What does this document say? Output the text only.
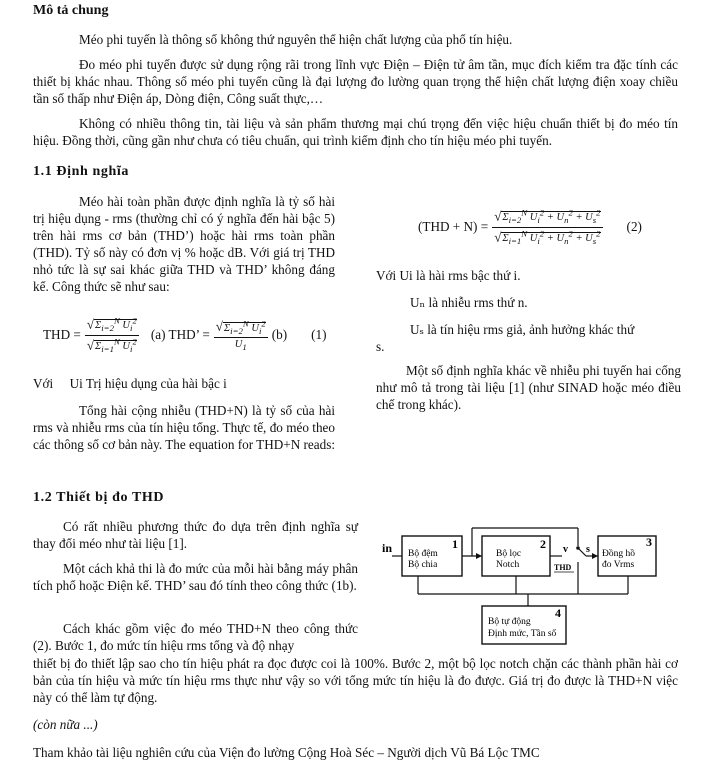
Mô tả chung
Méo phi tuyến là thông số không thứ nguyên thể hiện chất lượng của phổ tín hiệu.
Đo méo phi tuyến được sử dụng rộng rãi trong lĩnh vực Điện – Điện tử âm tần, mục đích kiểm tra đặc tính các thiết bị khác nhau. Thông số méo phi tuyến cũng là đại lượng đo lường quan trọng thể hiện chất lượng điện xoay chiều tần số thấp như Điện áp, Dòng điện, Công suất thực,…
Không có nhiều thông tin, tài liệu và sản phẩm thương mại chú trọng đến việc hiệu chuẩn thiết bị đo méo tín hiệu. Đồng thời, cũng gần như chưa có tiêu chuẩn, qui trình kiểm định cho tín hiệu méo phi tuyến.
1.1 Định nghĩa
Méo hài toàn phần được định nghĩa là tỷ số hài trị hiệu dụng - rms (thường chỉ có ý nghĩa đến hài bậc 5) trên hài rms cơ bản (THD’) hoặc hài rms toàn phần (THD). Tỷ số này có đơn vị % hoặc dB. Với giá trị THD nhỏ tức là sự sai khác giữa THD và THD’ không đáng kể. Công thức sẽ như sau:
THD = $\frac{√\Sigma_{i=2}^N U_i^2}{√\Sigma_{i=1}^N U_i^2} (a)$ THD’ = $\frac{√\Sigma_{i=2}^N U_i^2}{U_1} (b)$ (1)
Với     Ui Trị hiệu dụng của hài bậc i
Tổng hài cộng nhiễu (THD+N) là tỷ số của hài rms và nhiễu rms của tín hiệu tổng. Thực tế, đo méo theo các thông số cơ bản này. The equation for THD+N reads:
$(THD + N) = \frac{√\Sigma_{i=2}^N U_i^2 + U_n^2 + U_s^2}{√\Sigma_{i=1}^N U_i^2 + U_n^2 + U_s^2} (2)$
Với Ui là hài rms bậc thứ i.
Uₙ là nhiễu rms thứ n.
Uₛ là tín hiệu rms giả, ảnh hưởng khác thứ
s.
Một số định nghĩa khác về nhiễu phi tuyến hai cổng như mô tả trong tài liệu [1] (như SINAD hoặc méo điều chế trong khác).
1.2 Thiết bị đo THD
Có rất nhiều phương thức đo dựa trên định nghĩa sự thay đổi méo như tài liệu [1].
Một cách khả thi là đo mức của mỗi hài bằng máy phân tích phổ hoặc Điện kế. THD’ sau đó tính theo công thức (1b).
Cách khác gồm việc đo méo THD+N theo công thức (2). Bước 1, đo mức tín hiệu rms tổng và độ nhạy
thiết bị đo thiết lập sao cho tín hiệu phát ra đọc được coi là 100%. Bước 2, một bộ lọc notch chặn các thành phần hài cơ bản của tín hiệu và mức tín hiệu rms thực như vậy so với tổng mức tín hiệu là đo được. Giá trị đo được là THD+N việc này có thể làm tự động.
(còn nữa ...)
Tham khảo tài liệu nghiên cứu của Viện đo lường Cộng Hoà Séc – Người dịch Vũ Bá Lộc TMC
in Bộ đệm
Bộ chia
1
Bộ lọc
Notch
2 v s
THD
Đồng hồ
đo Vrms
3
Bộ tự động
Định mức, Tần số
4
